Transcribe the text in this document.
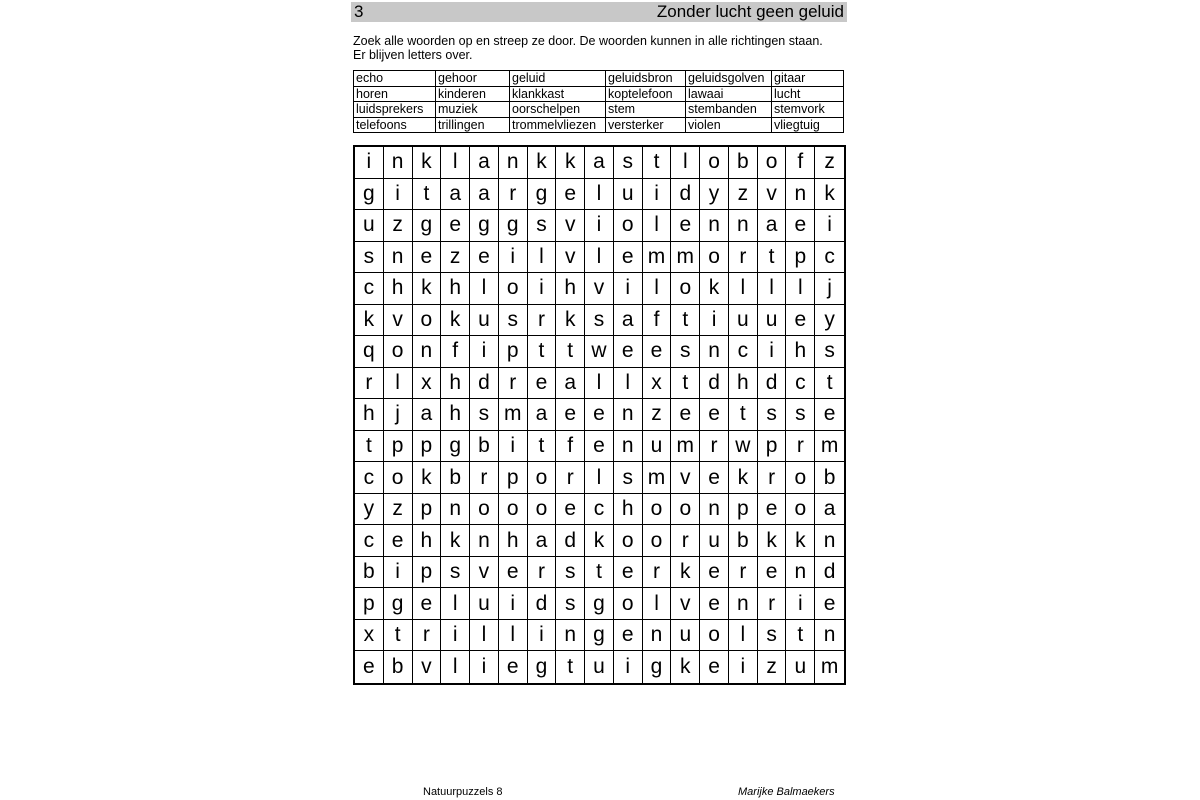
3	Zonder lucht geen geluid
Zoek alle woorden op en streep ze door. De woorden kunnen in alle richtingen staan.
Er blijven letters over.
echo	gehoor	geluid	geluidsbron	geluidsgolven	gitaar
horen	kinderen	klankkast	koptelefoon	lawaai	lucht
luidsprekers	muziek	oorschelpen	stem	stembanden	stemvork
telefoons	trillingen	trommelvliezen	versterker	violen	vliegtuig
i n k	l a n k k a s t	l o b o f	z
g i	t a a r g e l u i d y z v n k
u z g e g g s v	i o l e n n a e	i
s n e z e i	l	v	l e m m o r	t p c
c h k h l o i h v	i	l o k	l	l	l	j
k v o k u s r k s a f	t	i u u e y
q o n f	i p t	t w e e s n c	i h s
r	l	x h d r e a l	l	x t d h d c	t
h j a h s m a e e n z e e t s s e
t p p g b i	t	f e n u m r w p r m
c o k b r p o r	l	s m v e k r o b
y z p n o o o e c h o o n p e o a
c e h k n h a d k o o r u b k k n
b i p s v e r s t e r k e r e n d
p g e l u i d s g o l	v e n r	i	e
x t	r	i	l	l	i n g e n u o l	s t n
e b v	l	i e g t u i g k e i	z u m
Natuurpuzzels 8	Marijke Balmaekers
